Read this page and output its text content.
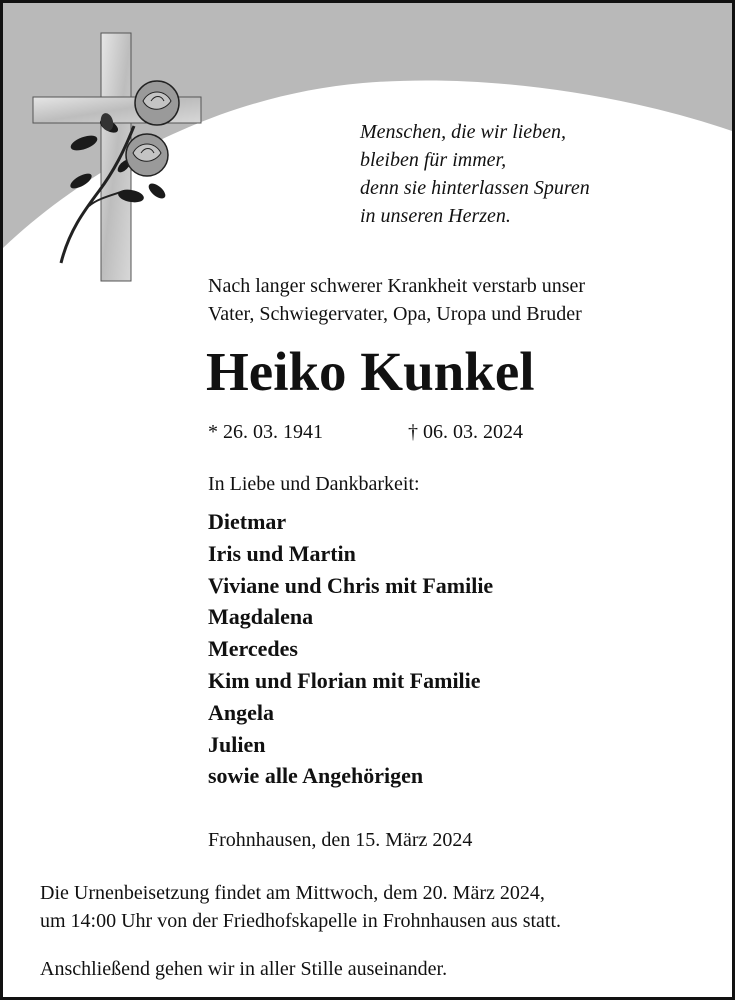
Menschen, die wir lieben,
bleiben für immer,
denn sie hinterlassen Spuren
in unseren Herzen.
Nach langer schwerer Krankheit verstarb unser
Vater, Schwiegervater, Opa, Uropa und Bruder
Heiko Kunkel
* 26. 03. 1941	† 06. 03. 2024
In Liebe und Dankbarkeit:
Dietmar
Iris und Martin
Viviane und Chris mit Familie
Magdalena
Mercedes
Kim und Florian mit Familie
Angela
Julien
sowie alle Angehörigen
Frohnhausen, den 15. März 2024
Die Urnenbeisetzung findet am Mittwoch, dem 20. März 2024,
um 14:00 Uhr von der Friedhofskapelle in Frohnhausen aus statt.
Anschließend gehen wir in aller Stille auseinander.
